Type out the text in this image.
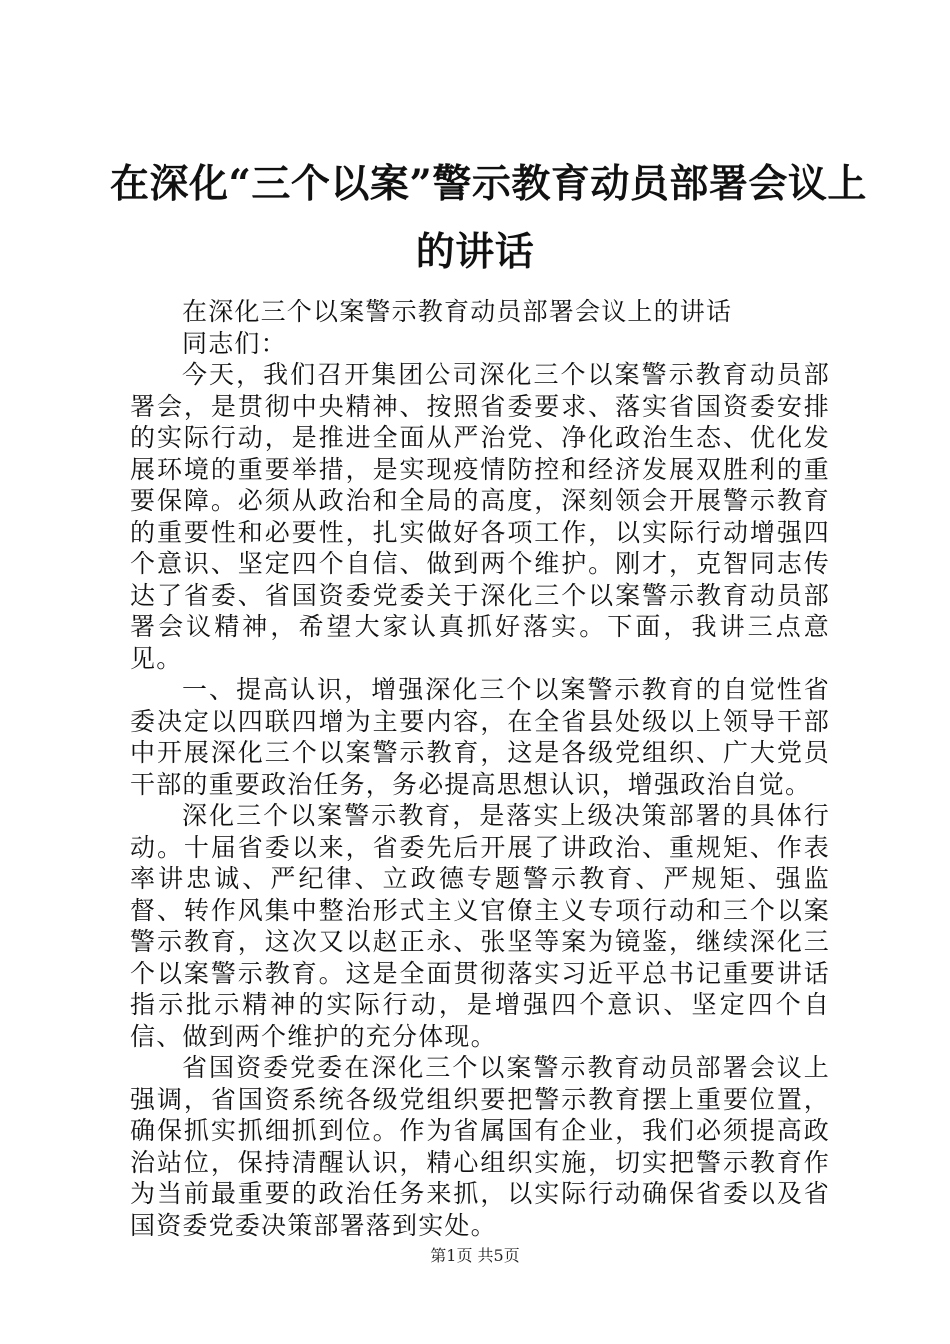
在深化“三个以案”警示教育动员部署会议上
的讲话

在深化三个以案警示教育动员部署会议上的讲话

同志们：

今天，我们召开集团公司深化三个以案警示教育动员部署会，是贯彻中央精神、按照省委要求、落实省国资委安排的实际行动，是推进全面从严治党、净化政治生态、优化发展环境的重要举措，是实现疫情防控和经济发展双胜利的重要保障。必须从政治和全局的高度，深刻领会开展警示教育的重要性和必要性，扎实做好各项工作，以实际行动增强四个意识、坚定四个自信、做到两个维护。刚才，克智同志传达了省委、省国资委党委关于深化三个以案警示教育动员部署会议精神，希望大家认真抓好落实。下面，我讲三点意见。

一、提高认识，增强深化三个以案警示教育的自觉性省委决定以四联四增为主要内容，在全省县处级以上领导干部中开展深化三个以案警示教育，这是各级党组织、广大党员干部的重要政治任务，务必提高思想认识，增强政治自觉。

深化三个以案警示教育，是落实上级决策部署的具体行动。十届省委以来，省委先后开展了讲政治、重规矩、作表率讲忠诚、严纪律、立政德专题警示教育、严规矩、强监督、转作风集中整治形式主义官僚主义专项行动和三个以案警示教育，这次又以赵正永、张坚等案为镜鉴，继续深化三个以案警示教育。这是全面贯彻落实习近平总书记重要讲话指示批示精神的实际行动，是增强四个意识、坚定四个自信、做到两个维护的充分体现。

省国资委党委在深化三个以案警示教育动员部署会议上强调，省国资系统各级党组织要把警示教育摆上重要位置，确保抓实抓细抓到位。作为省属国有企业，我们必须提高政治站位，保持清醒认识，精心组织实施，切实把警示教育作为当前最重要的政治任务来抓，以实际行动确保省委以及省国资委党委决策部署落到实处。

第1页 共5页
